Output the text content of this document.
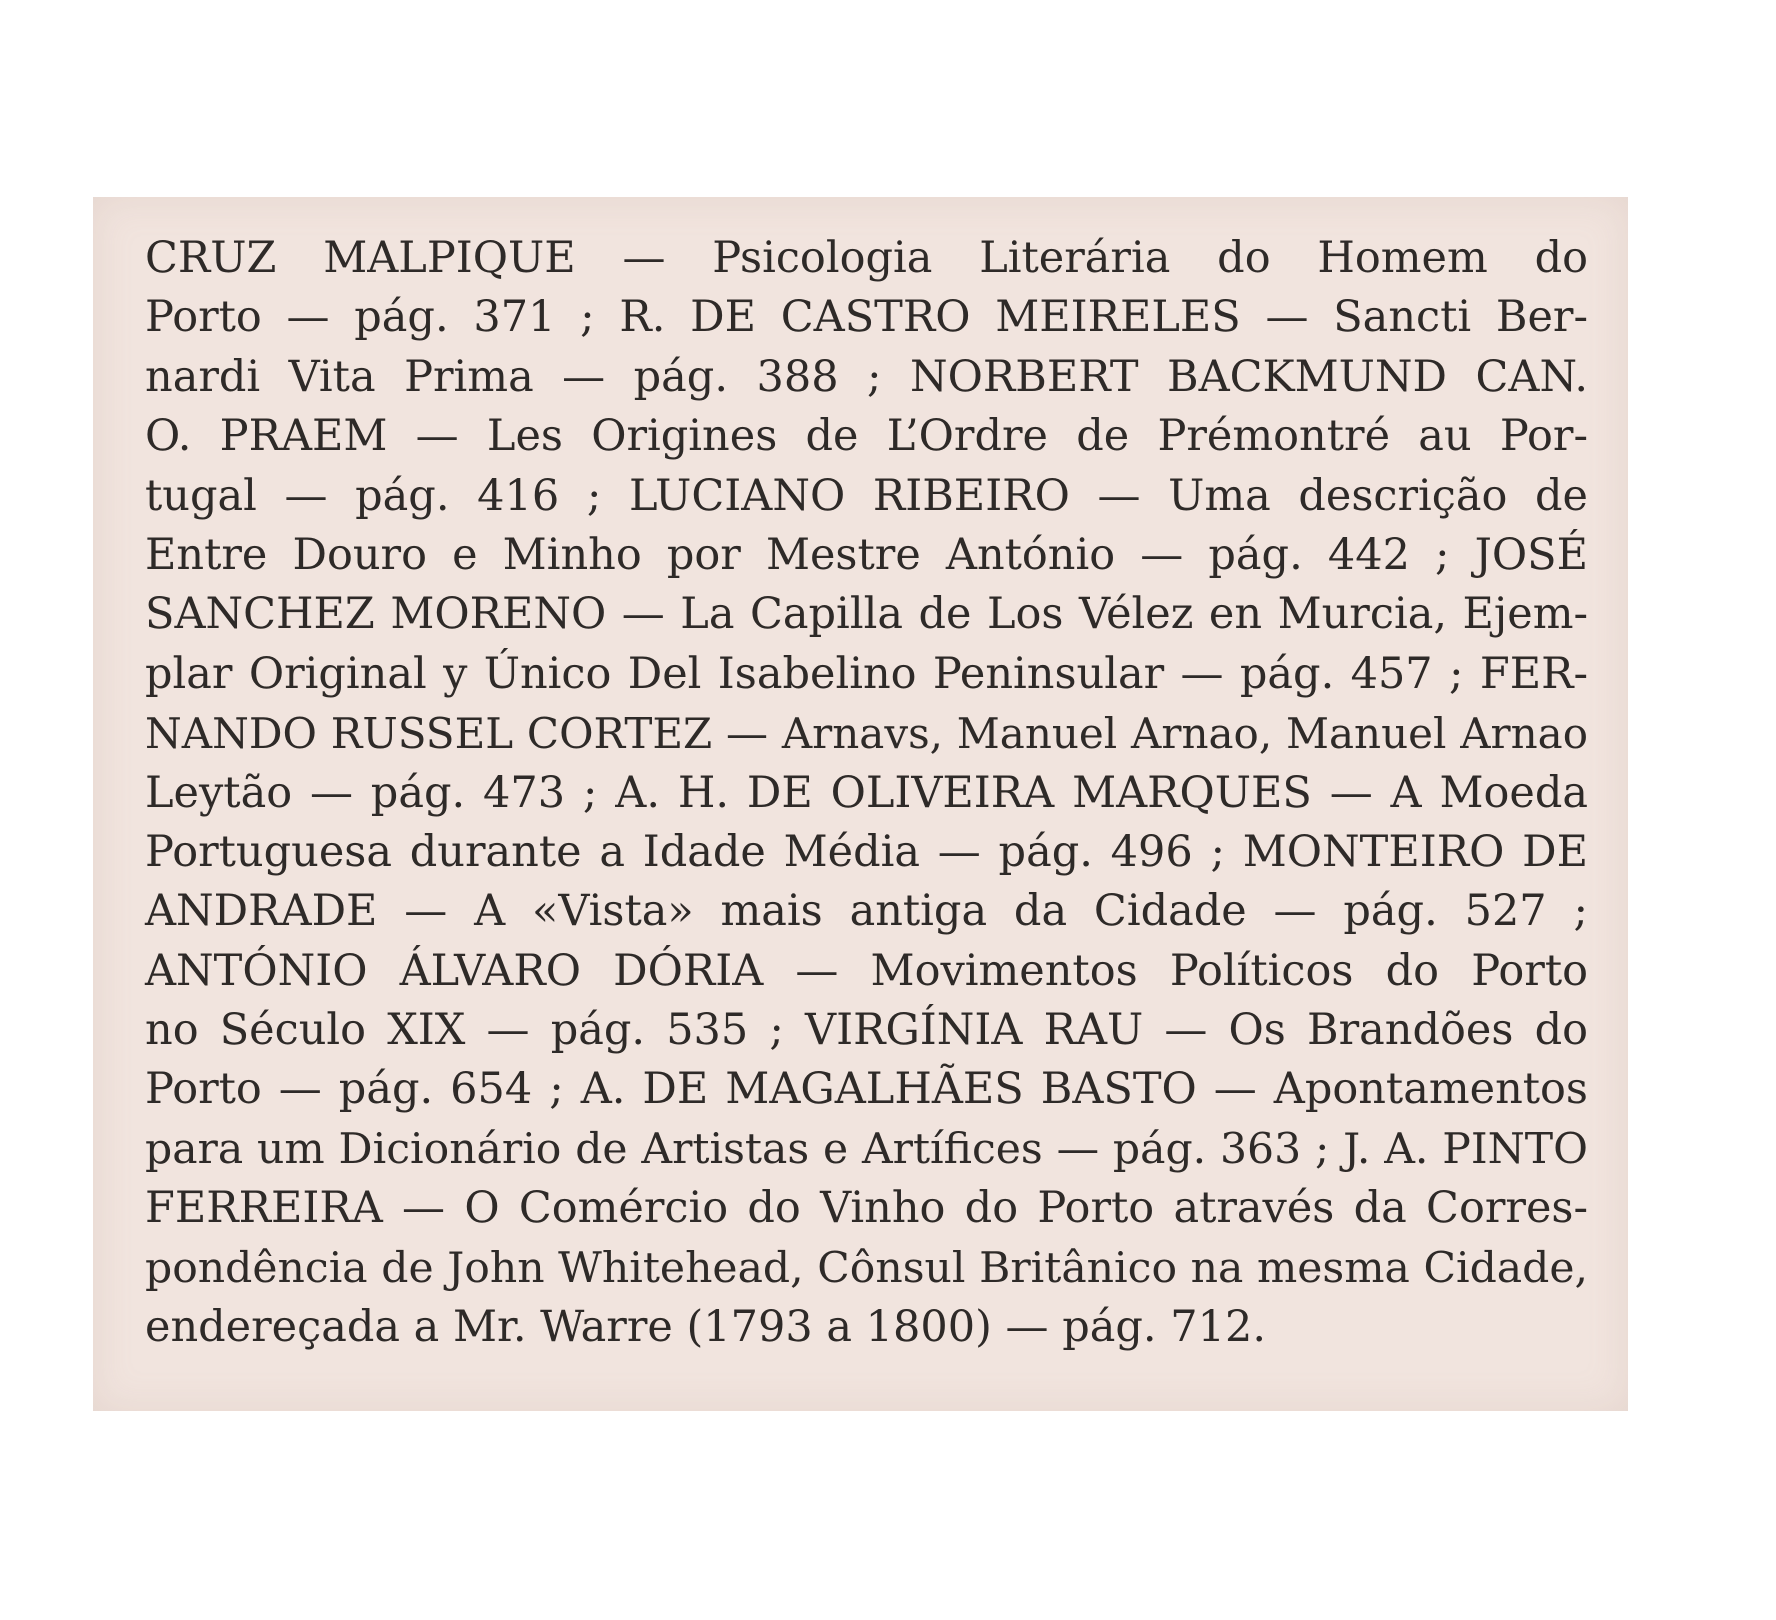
CRUZ MALPIQUE — Psicologia Literária do Homem do
Porto — pág. 371 ; R. DE CASTRO MEIRELES — Sancti Ber-
nardi Vita Prima — pág. 388 ; NORBERT BACKMUND CAN.
O. PRAEM — Les Origines de L’Ordre de Prémontré au Por-
tugal — pág. 416 ; LUCIANO RIBEIRO — Uma descrição de
Entre Douro e Minho por Mestre António — pág. 442 ; JOSÉ
SANCHEZ MORENO — La Capilla de Los Vélez en Murcia, Ejem-
plar Original y Único Del Isabelino Peninsular — pág. 457 ; FER-
NANDO RUSSEL CORTEZ — Arnavs, Manuel Arnao, Manuel Arnao
Leytão — pág. 473 ; A. H. DE OLIVEIRA MARQUES — A Moeda
Portuguesa durante a Idade Média — pág. 496 ; MONTEIRO DE
ANDRADE — A «Vista» mais antiga da Cidade — pág. 527 ;
ANTÓNIO ÁLVARO DÓRIA — Movimentos Políticos do Porto
no Século XIX — pág. 535 ; VIRGÍNIA RAU — Os Brandões do
Porto — pág. 654 ; A. DE MAGALHÃES BASTO — Apontamentos
para um Dicionário de Artistas e Artífices — pág. 363 ; J. A. PINTO
FERREIRA — O Comércio do Vinho do Porto através da Corres-
pondência de John Whitehead, Cônsul Britânico na mesma Cidade,
endereçada a Mr. Warre (1793 a 1800) — pág. 712.
